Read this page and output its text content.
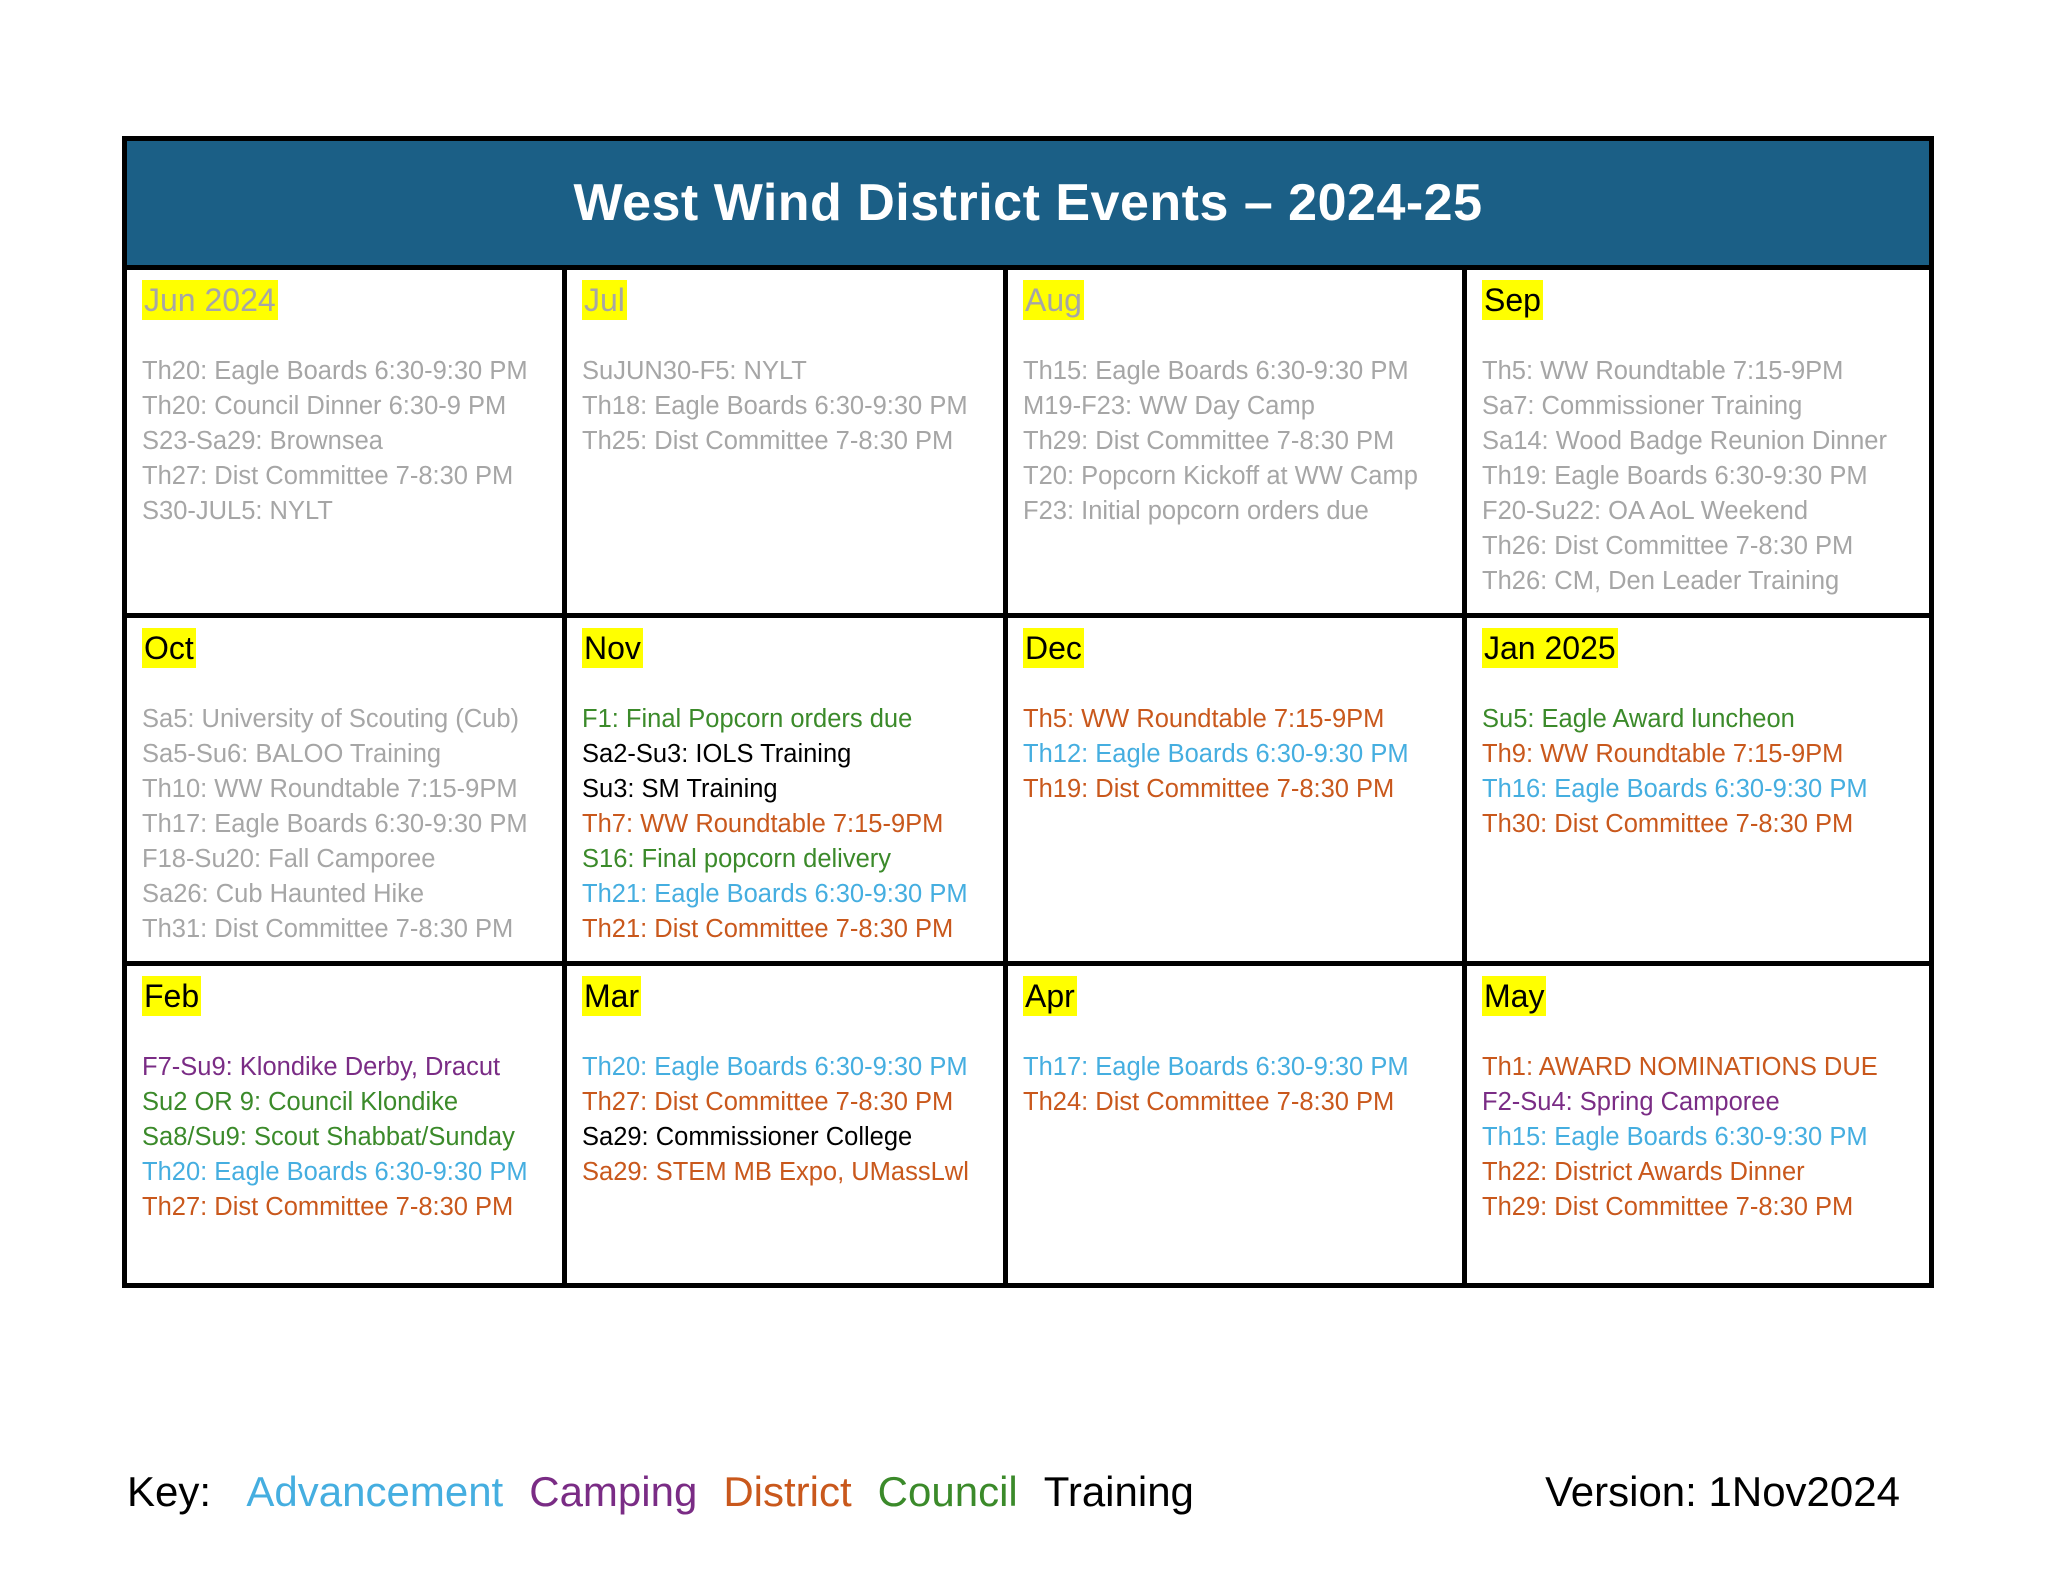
West Wind District Events – 2024-25
Jun 2024
Th20: Eagle Boards 6:30-9:30 PM
Th20: Council Dinner 6:30-9 PM
S23-Sa29: Brownsea
Th27: Dist Committee 7-8:30 PM
S30-JUL5: NYLT
Jul
SuJUN30-F5: NYLT
Th18: Eagle Boards 6:30-9:30 PM
Th25: Dist Committee 7-8:30 PM
Aug
Th15: Eagle Boards 6:30-9:30 PM
M19-F23: WW Day Camp
Th29: Dist Committee 7-8:30 PM
T20: Popcorn Kickoff at WW Camp
F23: Initial popcorn orders due
Sep
Th5: WW Roundtable 7:15-9PM
Sa7: Commissioner Training
Sa14: Wood Badge Reunion Dinner
Th19: Eagle Boards 6:30-9:30 PM
F20-Su22: OA AoL Weekend
Th26: Dist Committee 7-8:30 PM
Th26: CM, Den Leader Training
Oct
Sa5: University of Scouting (Cub)
Sa5-Su6: BALOO Training
Th10: WW Roundtable 7:15-9PM
Th17: Eagle Boards 6:30-9:30 PM
F18-Su20: Fall Camporee
Sa26: Cub Haunted Hike
Th31: Dist Committee 7-8:30 PM
Nov
F1: Final Popcorn orders due
Sa2-Su3: IOLS Training
Su3: SM Training
Th7: WW Roundtable 7:15-9PM
S16: Final popcorn delivery
Th21: Eagle Boards 6:30-9:30 PM
Th21: Dist Committee 7-8:30 PM
Dec
Th5: WW Roundtable 7:15-9PM
Th12: Eagle Boards 6:30-9:30 PM
Th19: Dist Committee 7-8:30 PM
Jan 2025
Su5: Eagle Award luncheon
Th9: WW Roundtable 7:15-9PM
Th16: Eagle Boards 6:30-9:30 PM
Th30: Dist Committee 7-8:30 PM
Feb
F7-Su9: Klondike Derby, Dracut
Su2 OR 9: Council Klondike
Sa8/Su9: Scout Shabbat/Sunday
Th20: Eagle Boards 6:30-9:30 PM
Th27: Dist Committee 7-8:30 PM
Mar
Th20: Eagle Boards 6:30-9:30 PM
Th27: Dist Committee 7-8:30 PM
Sa29: Commissioner College
Sa29: STEM MB Expo, UMassLwl
Apr
Th17: Eagle Boards 6:30-9:30 PM
Th24: Dist Committee 7-8:30 PM
May
Th1: AWARD NOMINATIONS DUE
F2-Su4: Spring Camporee
Th15: Eagle Boards 6:30-9:30 PM
Th22: District Awards Dinner
Th29: Dist Committee 7-8:30 PM
Key: Advancement Camping District Council Training	Version: 1Nov2024
